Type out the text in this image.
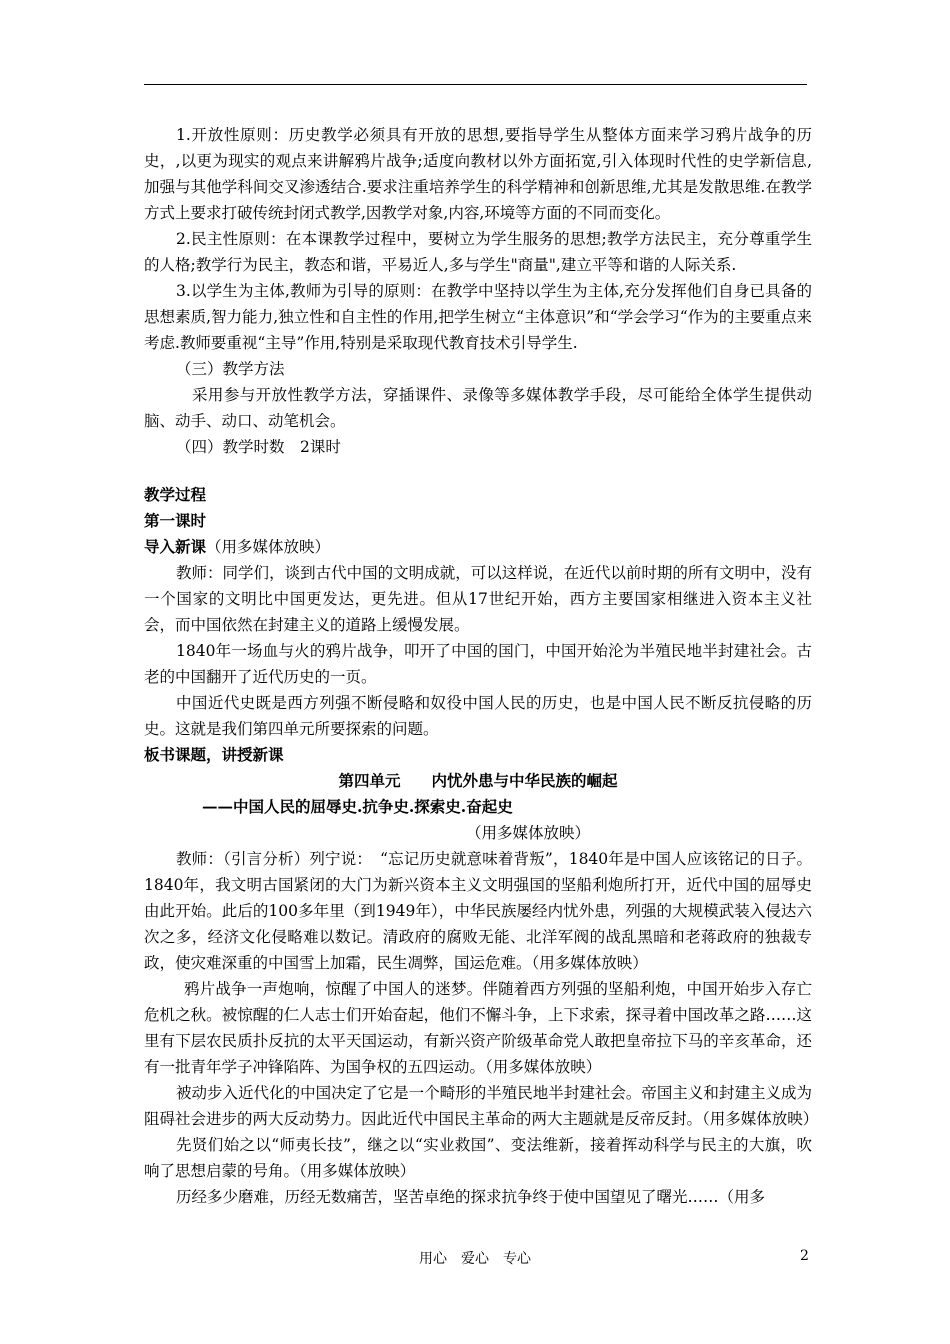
1.开放性原则：历史教学必须具有开放的思想,要指导学生从整体方面来学习鸦片战争的历史，,以更为现实的观点来讲解鸦片战争;适度向教材以外方面拓宽,引入体现时代性的史学新信息,加强与其他学科间交叉渗透结合.要求注重培养学生的科学精神和创新思维,尤其是发散思维.在教学方式上要求打破传统封闭式教学,因教学对象,内容,环境等方面的不同而变化。

2.民主性原则：在本课教学过程中，要树立为学生服务的思想;教学方法民主，充分尊重学生的人格;教学行为民主，教态和谐，平易近人,多与学生"商量",建立平等和谐的人际关系.

3.以学生为主体,教师为引导的原则：在教学中坚持以学生为主体,充分发挥他们自身已具备的思想素质,智力能力,独立性和自主性的作用,把学生树立“主体意识”和“学会学习“作为的主要重点来考虑.教师要重视“主导”作用,特别是采取现代教育技术引导学生.

（三）教学方法

采用参与开放性教学方法，穿插课件、录像等多媒体教学手段，尽可能给全体学生提供动脑、动手、动口、动笔机会。

（四）教学时数　2课时

教学过程

第一课时

导入新课（用多媒体放映）

教师：同学们，谈到古代中国的文明成就，可以这样说，在近代以前时期的所有文明中，没有一个国家的文明比中国更发达，更先进。但从17世纪开始，西方主要国家相继进入资本主义社会，而中国依然在封建主义的道路上缓慢发展。

1840年一场血与火的鸦片战争，叩开了中国的国门，中国开始沦为半殖民地半封建社会。古老的中国翻开了近代历史的一页。

中国近代史既是西方列强不断侵略和奴役中国人民的历史，也是中国人民不断反抗侵略的历史。这就是我们第四单元所要探索的问题。

板书课题，讲授新课

第四单元　　内忧外患与中华民族的崛起

——中国人民的屈辱史.抗争史.探索史.奋起史

（用多媒体放映）

教师：（引言分析）列宁说：　“忘记历史就意味着背叛”，1840年是中国人应该铭记的日子。1840年，我文明古国紧闭的大门为新兴资本主义文明强国的坚船利炮所打开，近代中国的屈辱史由此开始。此后的100多年里（到1949年），中华民族屡经内忧外患，列强的大规模武装入侵达六次之多，经济文化侵略难以数记。清政府的腐败无能、北洋军阀的战乱黑暗和老蒋政府的独裁专政，使灾难深重的中国雪上加霜，民生凋弊，国运危难。（用多媒体放映）

鸦片战争一声炮响，惊醒了中国人的迷梦。伴随着西方列强的坚船利炮，中国开始步入存亡危机之秋。被惊醒的仁人志士们开始奋起，他们不懈斗争，上下求索，探寻着中国改革之路……这里有下层农民质扑反抗的太平天国运动，有新兴资产阶级革命党人敢把皇帝拉下马的辛亥革命，还有一批青年学子冲锋陷阵、为国争权的五四运动。（用多媒体放映）

被动步入近代化的中国决定了它是一个畸形的半殖民地半封建社会。帝国主义和封建主义成为阻碍社会进步的两大反动势力。因此近代中国民主革命的两大主题就是反帝反封。（用多媒体放映）

先贤们始之以“师夷长技”，继之以“实业救国”、变法维新，接着挥动科学与民主的大旗，吹响了思想启蒙的号角。（用多媒体放映）

历经多少磨难，历经无数痛苦，坚苦卓绝的探求抗争终于使中国望见了曙光……（用多

用心　爱心　专心	2
